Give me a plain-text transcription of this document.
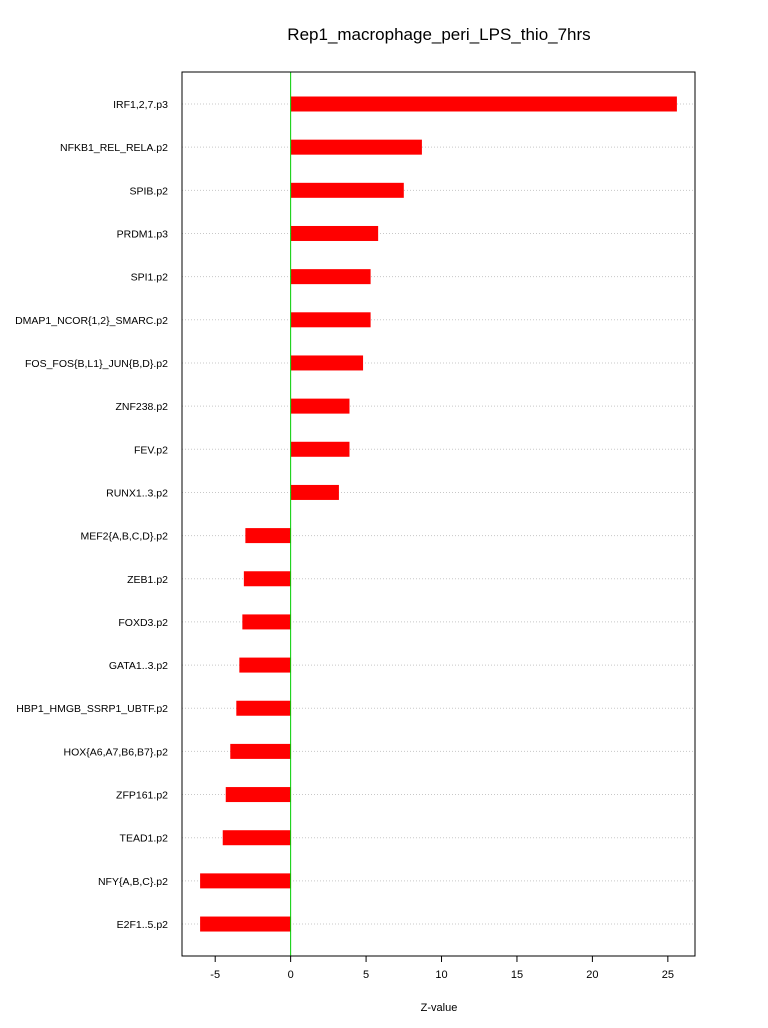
Rep1_macrophage_peri_LPS_thio_7hrs
IRF1,2,7.p3
NFKB1_REL_RELA.p2
SPIB.p2
PRDM1.p3
SPI1.p2
DMAP1_NCOR{1,2}_SMARC.p2
FOS_FOS{B,L1}_JUN{B,D}.p2
ZNF238.p2
FEV.p2
RUNX1..3.p2
MEF2{A,B,C,D}.p2
ZEB1.p2
FOXD3.p2
GATA1..3.p2
HBP1_HMGB_SSRP1_UBTF.p2
HOX{A6,A7,B6,B7}.p2
ZFP161.p2
TEAD1.p2
NFY{A,B,C}.p2
E2F1..5.p2
-5	0	5	10	15	20	25
Z-value
